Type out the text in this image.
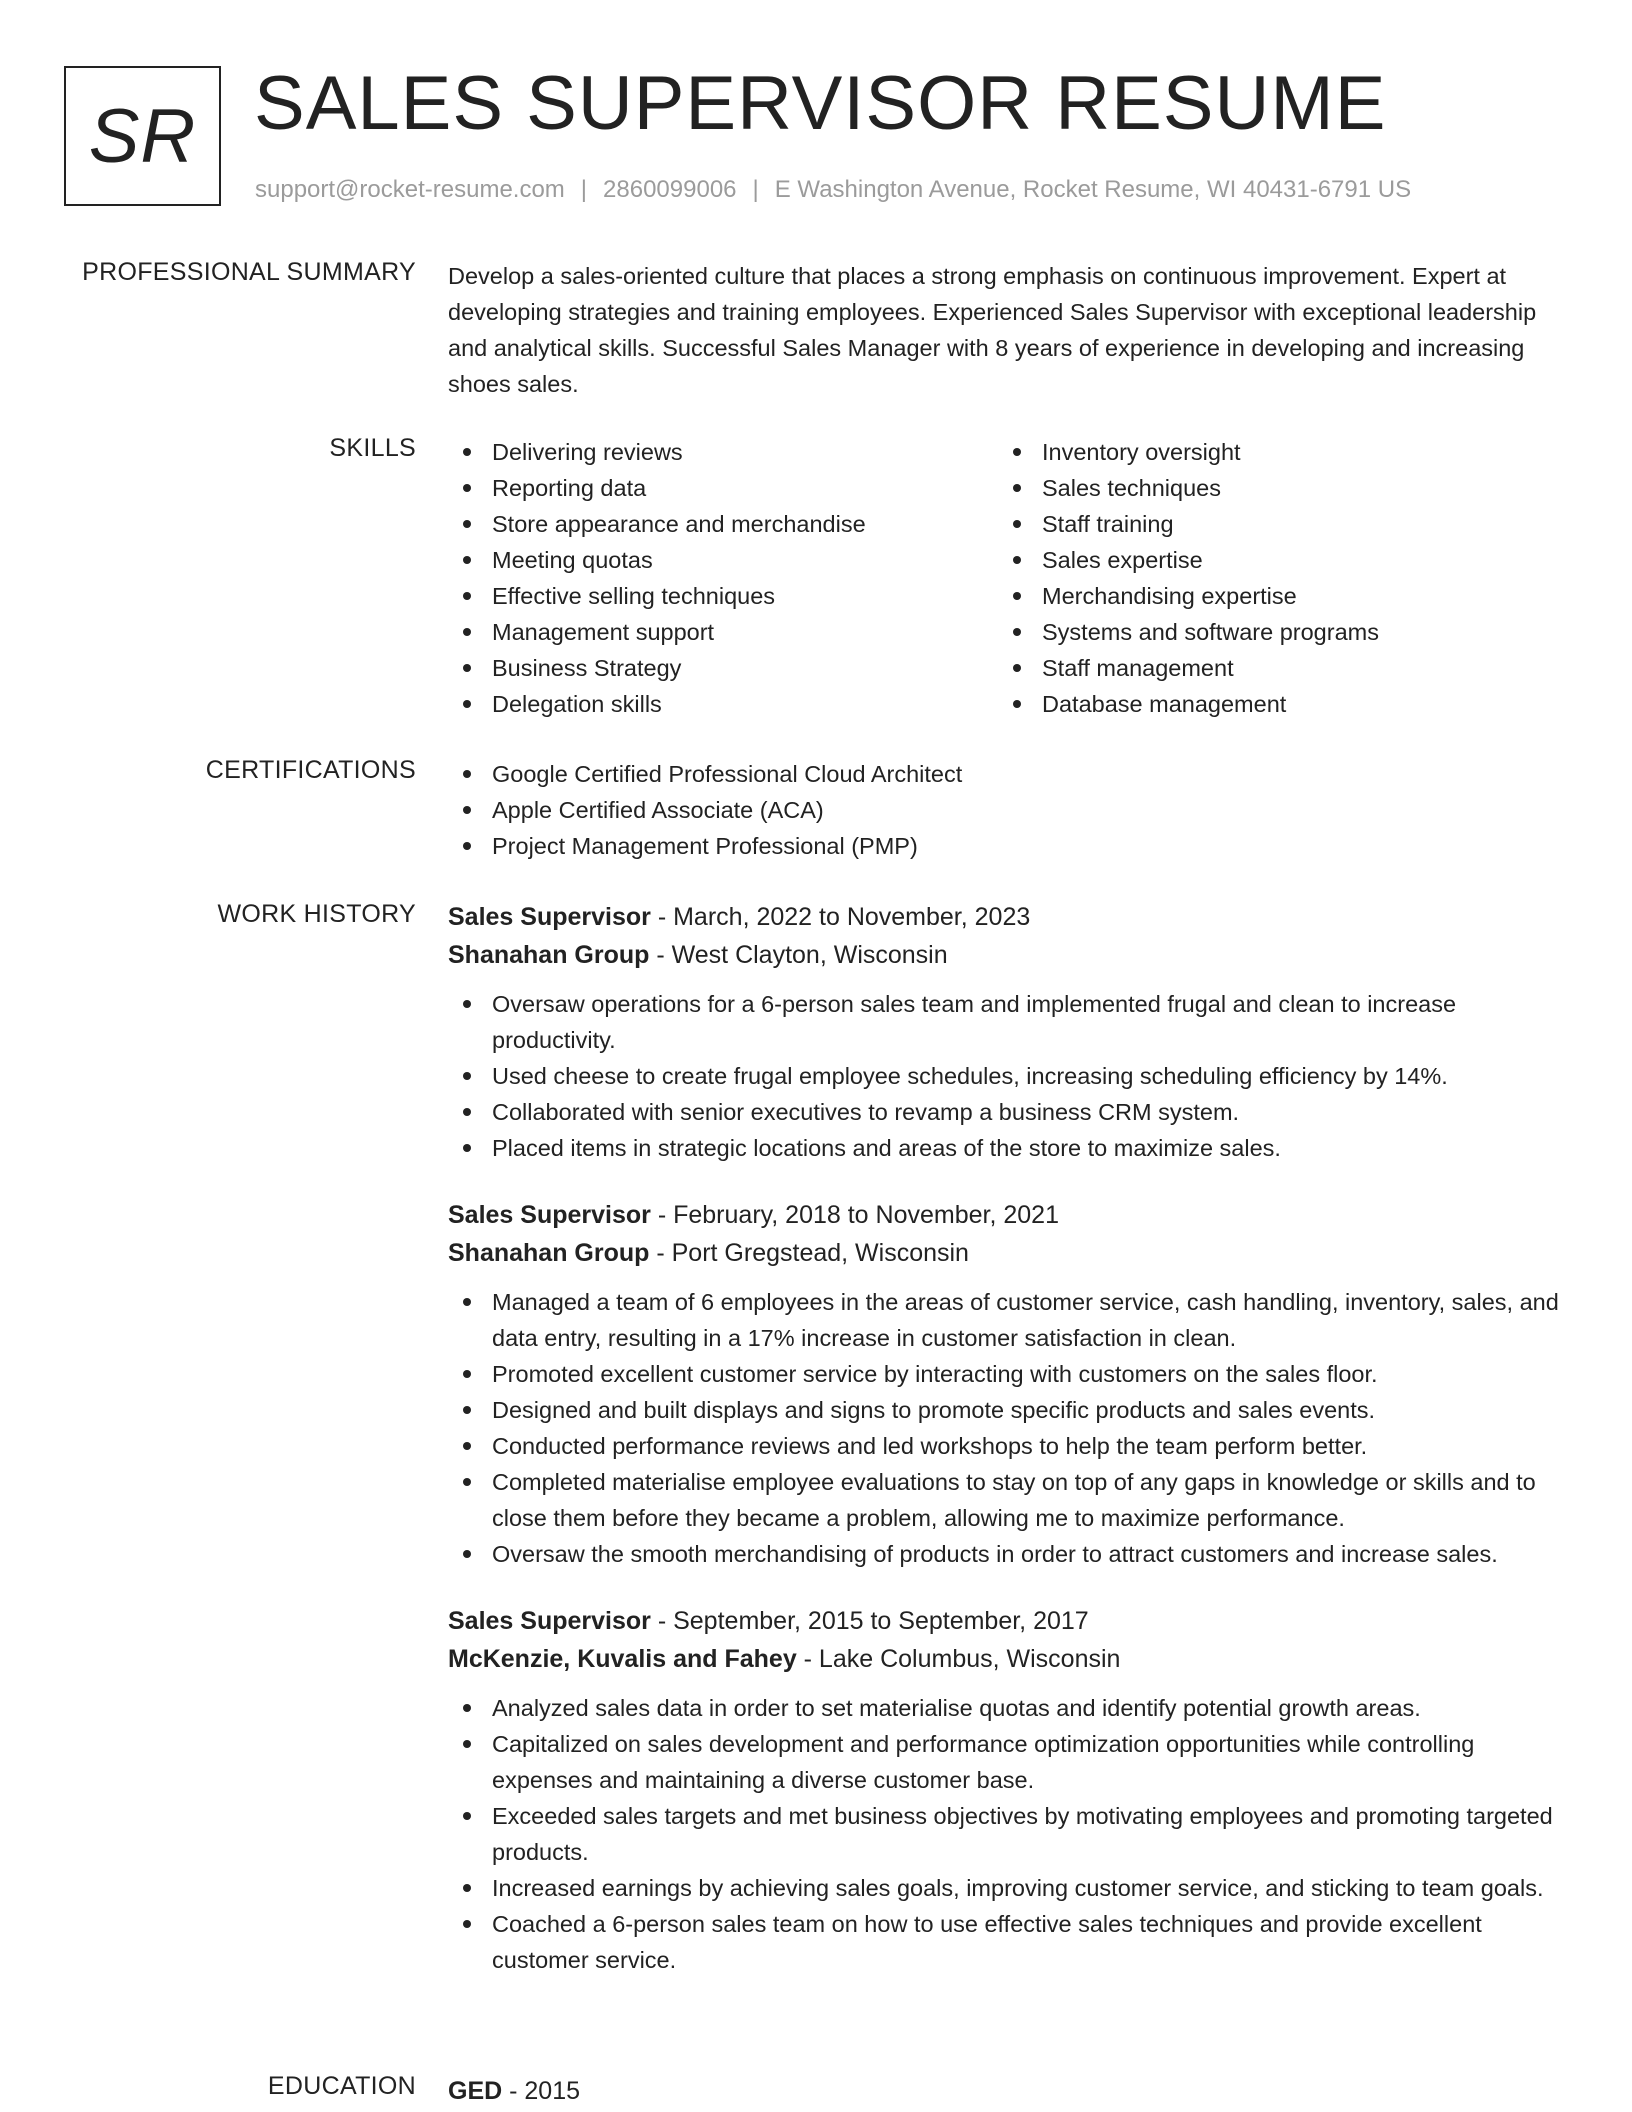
SR SALES SUPERVISOR RESUME
support@rocket-resume.com | 2860099006 | E Washington Avenue, Rocket Resume, WI 40431-6791 US
PROFESSIONAL SUMMARY Develop a sales-oriented culture that places a strong emphasis on continuous improvement. Expert at developing strategies and training employees. Experienced Sales Supervisor with exceptional leadership and analytical skills. Successful Sales Manager with 8 years of experience in developing and increasing shoes sales.

SKILLS	Delivering reviews
Reporting data
Store appearance and merchandise
Meeting quotas
Effective selling techniques
Management support
Business Strategy
Delegation skills
Inventory oversight
Sales techniques
Staff training
Sales expertise
Merchandising expertise
Systems and software programs
Staff management
Database management
CERTIFICATIONS	Google Certified Professional Cloud Architect
Apple Certified Associate (ACA)
Project Management Professional (PMP)
WORK HISTORY Sales Supervisor - March, 2022 to November, 2023
Shanahan Group - West Clayton, Wisconsin
Oversaw operations for a 6-person sales team and implemented frugal and clean to increase productivity.
Used cheese to create frugal employee schedules, increasing scheduling efficiency by 14%.
Collaborated with senior executives to revamp a business CRM system.
Placed items in strategic locations and areas of the store to maximize sales.
Sales Supervisor - February, 2018 to November, 2021
Shanahan Group - Port Gregstead, Wisconsin
Managed a team of 6 employees in the areas of customer service, cash handling, inventory, sales, and data entry, resulting in a 17% increase in customer satisfaction in clean.
Promoted excellent customer service by interacting with customers on the sales floor.
Designed and built displays and signs to promote specific products and sales events.
Conducted performance reviews and led workshops to help the team perform better.
Completed materialise employee evaluations to stay on top of any gaps in knowledge or skills and to close them before they became a problem, allowing me to maximize performance.
Oversaw the smooth merchandising of products in order to attract customers and increase sales.
Sales Supervisor - September, 2015 to September, 2017
McKenzie, Kuvalis and Fahey - Lake Columbus, Wisconsin
Analyzed sales data in order to set materialise quotas and identify potential growth areas.
Capitalized on sales development and performance optimization opportunities while controlling expenses and maintaining a diverse customer base.
Exceeded sales targets and met business objectives by motivating employees and promoting targeted products.
Increased earnings by achieving sales goals, improving customer service, and sticking to team goals.
Coached a 6-person sales team on how to use effective sales techniques and provide excellent customer service.
EDUCATION GED - 2015
